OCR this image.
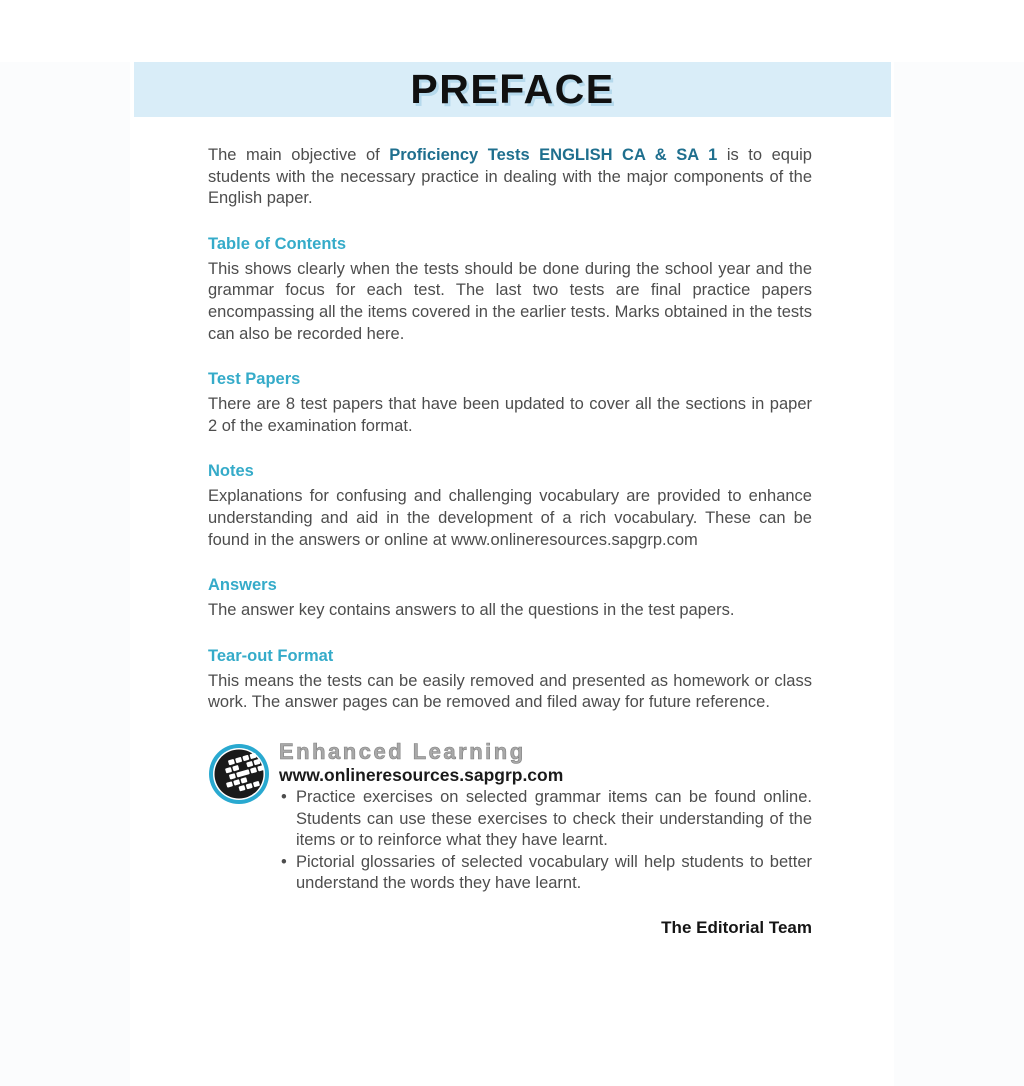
PREFACE

The main objective of Proficiency Tests ENGLISH CA & SA 1 is to equip students with the necessary practice in dealing with the major components of the English paper.

Table of Contents
This shows clearly when the tests should be done during the school year and the grammar focus for each test. The last two tests are final practice papers encompassing all the items covered in the earlier tests. Marks obtained in the tests can also be recorded here.
Test Papers
There are 8 test papers that have been updated to cover all the sections in paper 2 of the examination format.
Notes
Explanations for confusing and challenging vocabulary are provided to enhance understanding and aid in the development of a rich vocabulary. These can be found in the answers or online at www.onlineresources.sapgrp.com
Answers
The answer key contains answers to all the questions in the test papers.
Tear-out Format
This means the tests can be easily removed and presented as homework or class work. The answer pages can be removed and filed away for future reference.
Enhanced Learning
www.onlineresources.sapgrp.com
• Practice exercises on selected grammar items can be found online. Students can use these exercises to check their understanding of the items or to reinforce what they have learnt.
• Pictorial glossaries of selected vocabulary will help students to better understand the words they have learnt.
The Editorial Team
